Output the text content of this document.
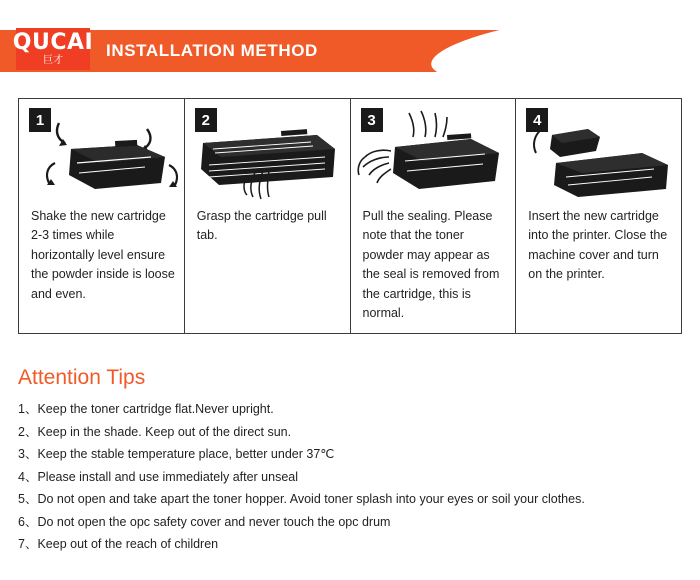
QUCAI
巨才
INSTALLATION METHOD
1
Shake the new cartridge 2-3 times while horizontally level ensure the powder inside is loose and even.
2
Grasp the cartridge pull tab.
3
Pull the sealing. Please note that the toner powder may appear as the seal is removed from the cartridge, this is normal.
4
Insert the new cartridge into the printer. Close the machine cover and turn on the printer.
Attention Tips
1、Keep the toner cartridge flat.Never upright.
2、Keep in the shade. Keep out of the direct sun.
3、Keep the stable temperature place, better under 37℃
4、Please install and use immediately after unseal
5、Do not open and take apart the toner hopper. Avoid toner splash into your eyes or soil your clothes.
6、Do not open the opc safety cover and never touch the opc drum
7、Keep out of the reach of children
